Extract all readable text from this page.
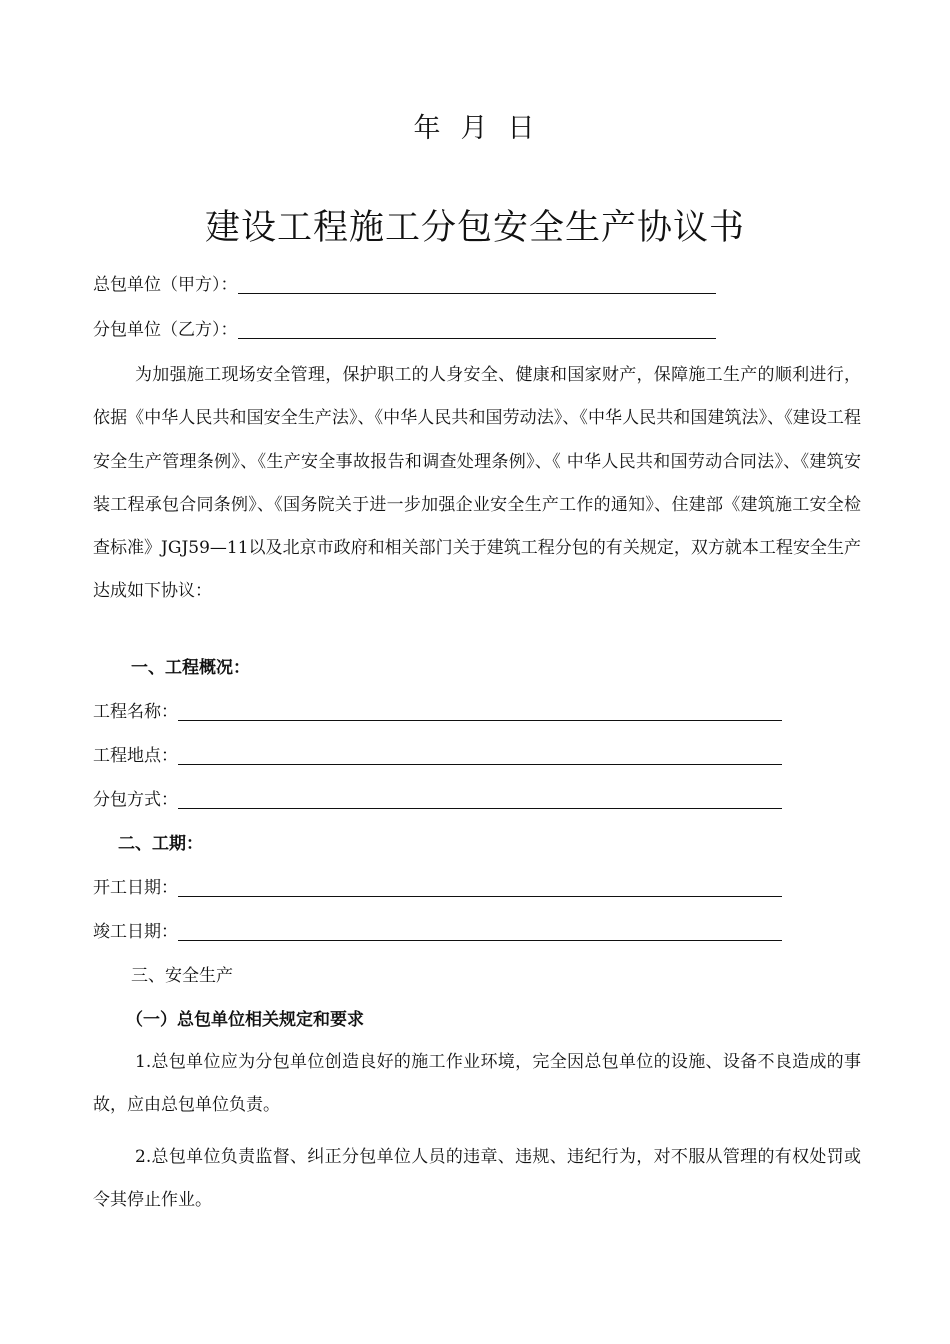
年 月 日
建设工程施工分包安全生产协议书
总包单位（甲方）：
分包单位（乙方）：
为加强施工现场安全管理，保护职工的人身安全、健康和国家财产，保障施工生产的顺利进行，依据《中华人民共和国安全生产法》、《中华人民共和国劳动法》、《中华人民共和国建筑法》、《建设工程安全生产管理条例》、《生产安全事故报告和调查处理条例》、《 中华人民共和国劳动合同法》、《建筑安装工程承包合同条例》、《国务院关于进一步加强企业安全生产工作的通知》、住建部《建筑施工安全检查标准》JGJ59—11以及北京市政府和相关部门关于建筑工程分包的有关规定，双方就本工程安全生产达成如下协议：
一、工程概况：
工程名称：
工程地点：
分包方式：
二、工期：
开工日期：
竣工日期：
三、安全生产
（一）总包单位相关规定和要求
1.总包单位应为分包单位创造良好的施工作业环境，完全因总包单位的设施、设备不良造成的事故，应由总包单位负责。
2.总包单位负责监督、纠正分包单位人员的违章、违规、违纪行为，对不服从管理的有权处罚或令其停止作业。
